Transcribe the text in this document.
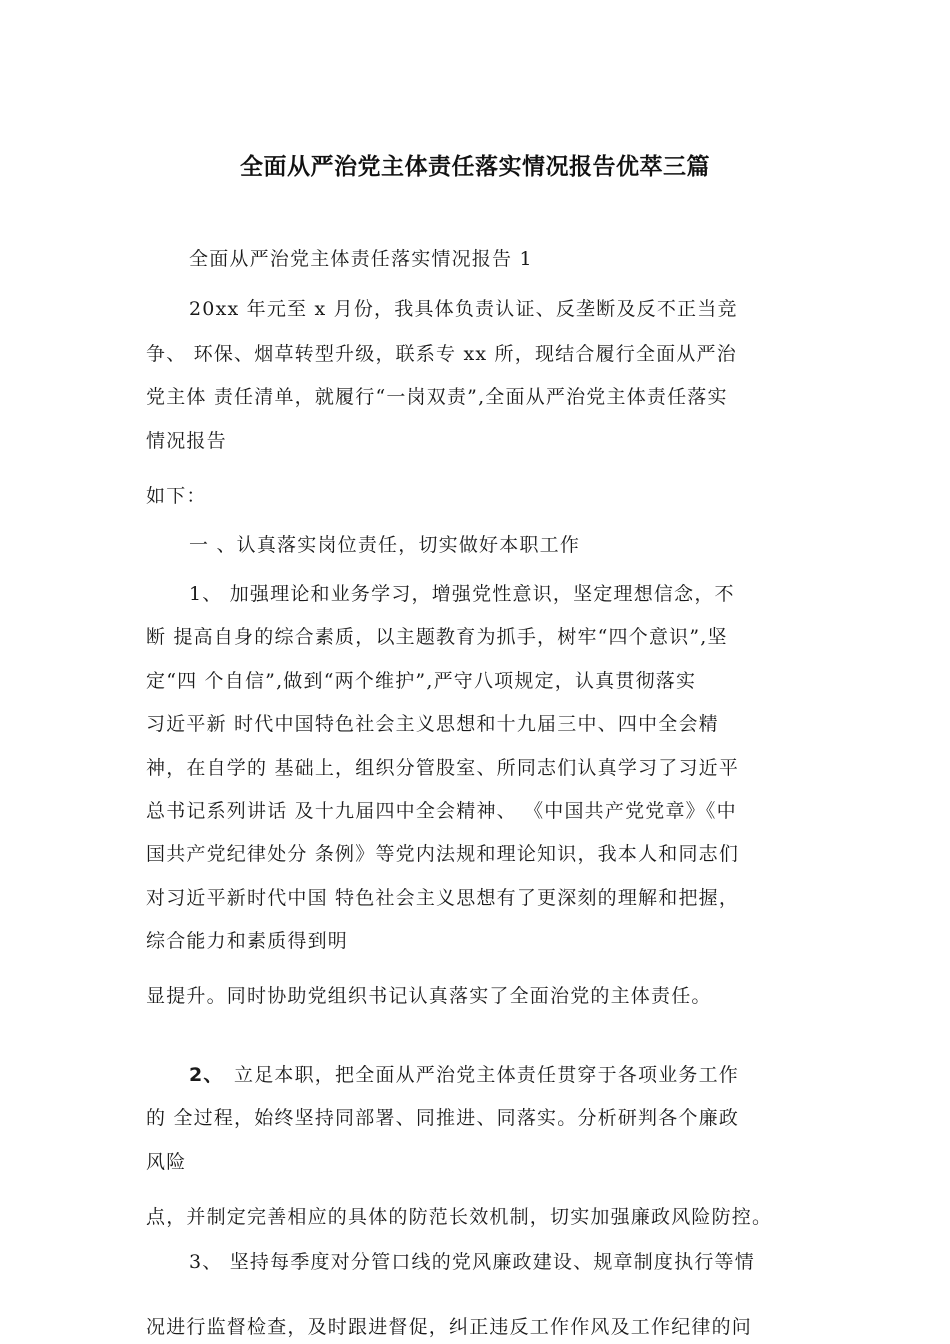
全面从严治党主体责任落实情况报告优萃三篇
全面从严治党主体责任落实情况报告 1
20xx 年元至 x 月份，我具体负责认证、反垄断及反不正当竞
争、 环保、烟草转型升级，联系专 xx 所，现结合履行全面从严治
党主体 责任清单，就履行“一岗双责”,全面从严治党主体责任落实
情况报告
如下：
一 、认真落实岗位责任，切实做好本职工作
1、 加强理论和业务学习，增强党性意识，坚定理想信念，不
断 提高自身的综合素质，以主题教育为抓手，树牢“四个意识”,坚
定“四 个自信”,做到“两个维护”,严守八项规定，认真贯彻落实
习近平新 时代中国特色社会主义思想和十九届三中、四中全会精
神，在自学的 基础上，组织分管股室、所同志们认真学习了习近平
总书记系列讲话 及十九届四中全会精神、 《中国共产党党章》《中
国共产党纪律处分 条例》等党内法规和理论知识，我本人和同志们
对习近平新时代中国 特色社会主义思想有了更深刻的理解和把握，
综合能力和素质得到明
显提升。同时协助党组织书记认真落实了全面治党的主体责任。
2、 立足本职，把全面从严治党主体责任贯穿于各项业务工作
的 全过程，始终坚持同部署、同推进、同落实。分析研判各个廉政
风险
点，并制定完善相应的具体的防范长效机制，切实加强廉政风险防控。
3、 坚持每季度对分管口线的党风廉政建设、规章制度执行等情
况进行监督检查，及时跟进督促，纠正违反工作作风及工作纪律的问
